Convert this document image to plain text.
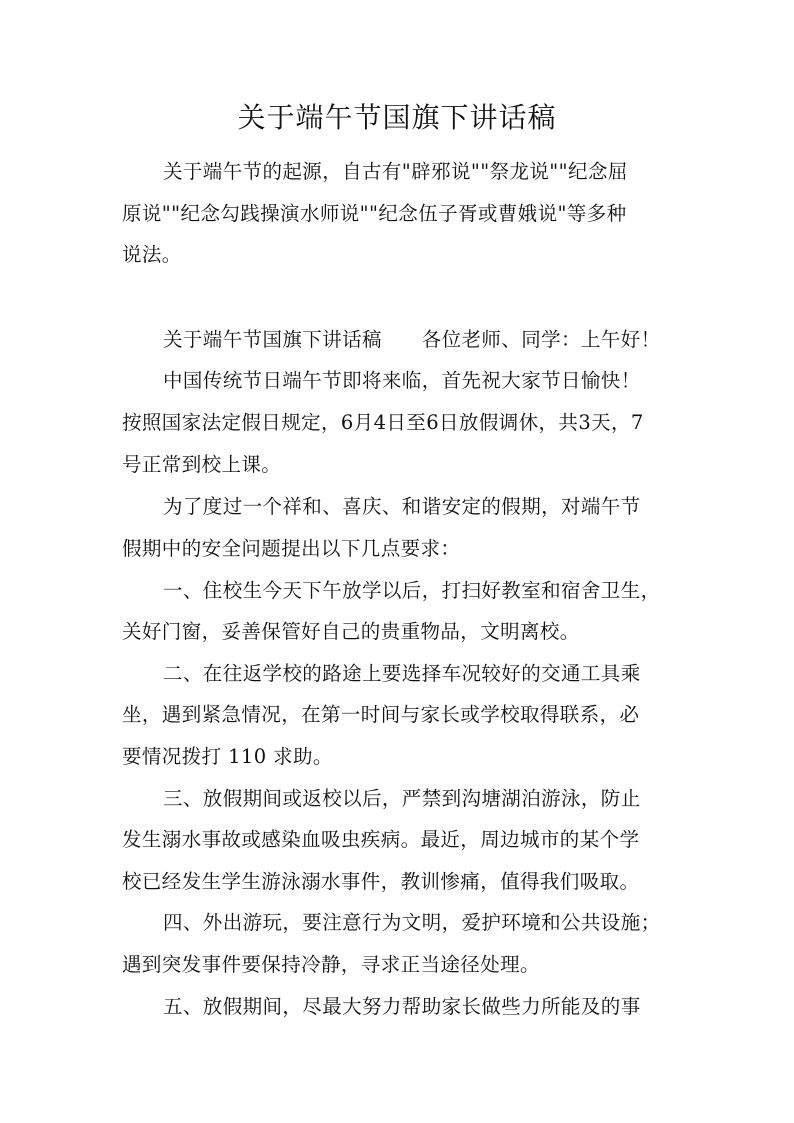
关于端午节国旗下讲话稿
关于端午节的起源，自古有"辟邪说""祭龙说""纪念屈
原说""纪念勾践操演水师说""纪念伍子胥或曹娥说"等多种
说法。
关于端午节国旗下讲话稿　　各位老师、同学：上午好！
中国传统节日端午节即将来临，首先祝大家节日愉快！
按照国家法定假日规定，6月4日至6日放假调休，共3天，7
号正常到校上课。
为了度过一个祥和、喜庆、和谐安定的假期，对端午节
假期中的安全问题提出以下几点要求：
一、住校生今天下午放学以后，打扫好教室和宿舍卫生，
关好门窗，妥善保管好自己的贵重物品，文明离校。
二、在往返学校的路途上要选择车况较好的交通工具乘
坐，遇到紧急情况，在第一时间与家长或学校取得联系，必
要情况拨打 110 求助。
三、放假期间或返校以后，严禁到沟塘湖泊游泳，防止
发生溺水事故或感染血吸虫疾病。最近，周边城市的某个学
校已经发生学生游泳溺水事件，教训惨痛，值得我们吸取。
四、外出游玩，要注意行为文明，爱护环境和公共设施；
遇到突发事件要保持冷静，寻求正当途径处理。
五、放假期间，尽最大努力帮助家长做些力所能及的事
